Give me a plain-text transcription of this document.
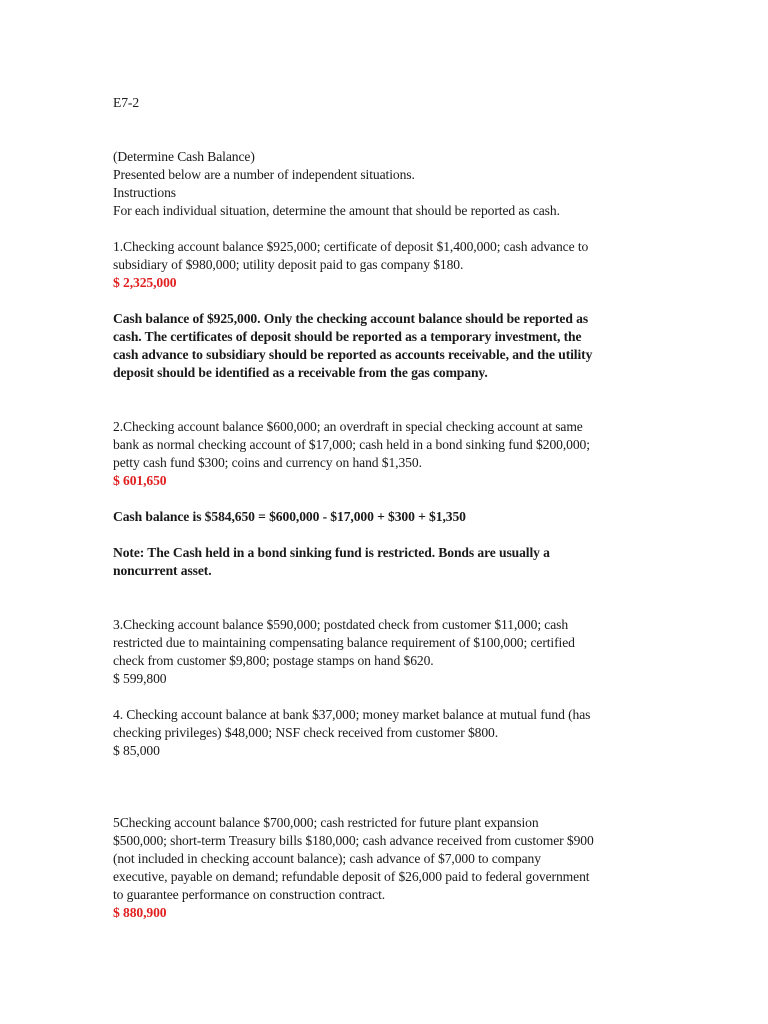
E7-2

(Determine Cash Balance)

Presented below are a number of independent situations.

Instructions

For each individual situation, determine the amount that should be reported as cash.

1.Checking account balance $925,000; certificate of deposit $1,400,000; cash advance to

subsidiary of $980,000; utility deposit paid to gas company $180.

$ 2,325,000

Cash balance of $925,000. Only the checking account balance should be reported as

cash. The certificates of deposit should be reported as a temporary investment, the

cash advance to subsidiary should be reported as accounts receivable, and the utility

deposit should be identified as a receivable from the gas company.

2.Checking account balance $600,000; an overdraft in special checking account at same

bank as normal checking account of $17,000; cash held in a bond sinking fund $200,000;

petty cash fund $300; coins and currency on hand $1,350.

$ 601,650

Cash balance is $584,650 = $600,000 - $17,000 + $300 + $1,350

Note: The Cash held in a bond sinking fund is restricted. Bonds are usually a

noncurrent asset.

3.Checking account balance $590,000; postdated check from customer $11,000; cash

restricted due to maintaining compensating balance requirement of $100,000; certified

check from customer $9,800; postage stamps on hand $620.

$ 599,800

4. Checking account balance at bank $37,000; money market balance at mutual fund (has

checking privileges) $48,000; NSF check received from customer $800.

$ 85,000

5Checking account balance $700,000; cash restricted for future plant expansion

$500,000; short-term Treasury bills $180,000; cash advance received from customer $900

(not included in checking account balance); cash advance of $7,000 to company

executive, payable on demand; refundable deposit of $26,000 paid to federal government

to guarantee performance on construction contract.

$ 880,900
